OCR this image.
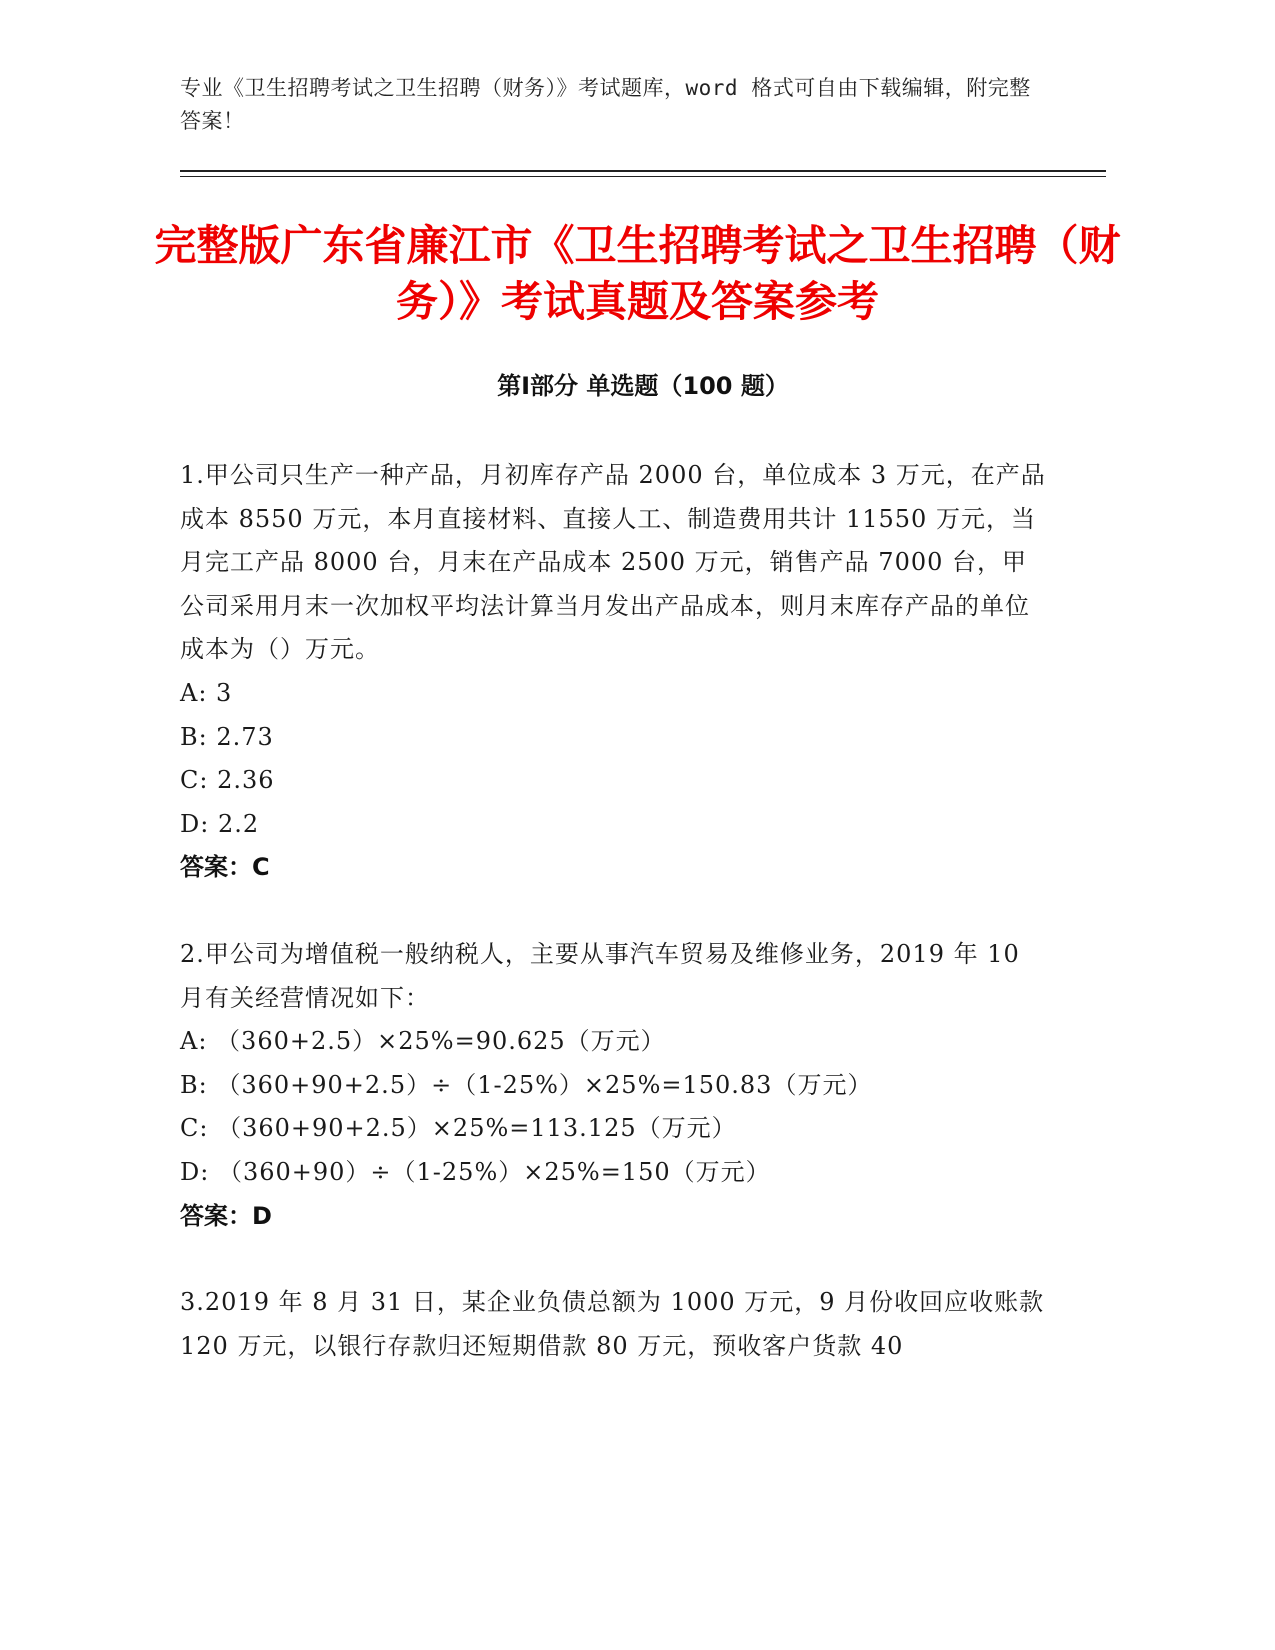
专业《卫生招聘考试之卫生招聘（财务）》考试题库，word 格式可自由下载编辑，附完整答案！
完整版广东省廉江市《卫生招聘考试之卫生招聘（财务）》考试真题及答案参考
第Ⅰ部分 单选题（100 题）

1.甲公司只生产一种产品，月初库存产品 2000 台，单位成本 3 万元，在产品成本 8550 万元，本月直接材料、直接人工、制造费用共计 11550 万元，当月完工产品 8000 台，月末在产品成本 2500 万元，销售产品 7000 台，甲公司采用月末一次加权平均法计算当月发出产品成本，则月末库存产品的单位成本为（）万元。

A: 3

B: 2.73

C: 2.36

D: 2.2

答案：C

2.甲公司为增值税一般纳税人，主要从事汽车贸易及维修业务，2019 年 10 月有关经营情况如下：

A: （360+2.5）×25%=90.625（万元）

B: （360+90+2.5）÷（1-25%）×25%=150.83（万元）

C: （360+90+2.5）×25%=113.125（万元）

D: （360+90）÷（1-25%）×25%=150（万元）

答案：D

3.2019 年 8 月 31 日，某企业负债总额为 1000 万元，9 月份收回应收账款 120 万元，以银行存款归还短期借款 80 万元，预收客户货款 40
